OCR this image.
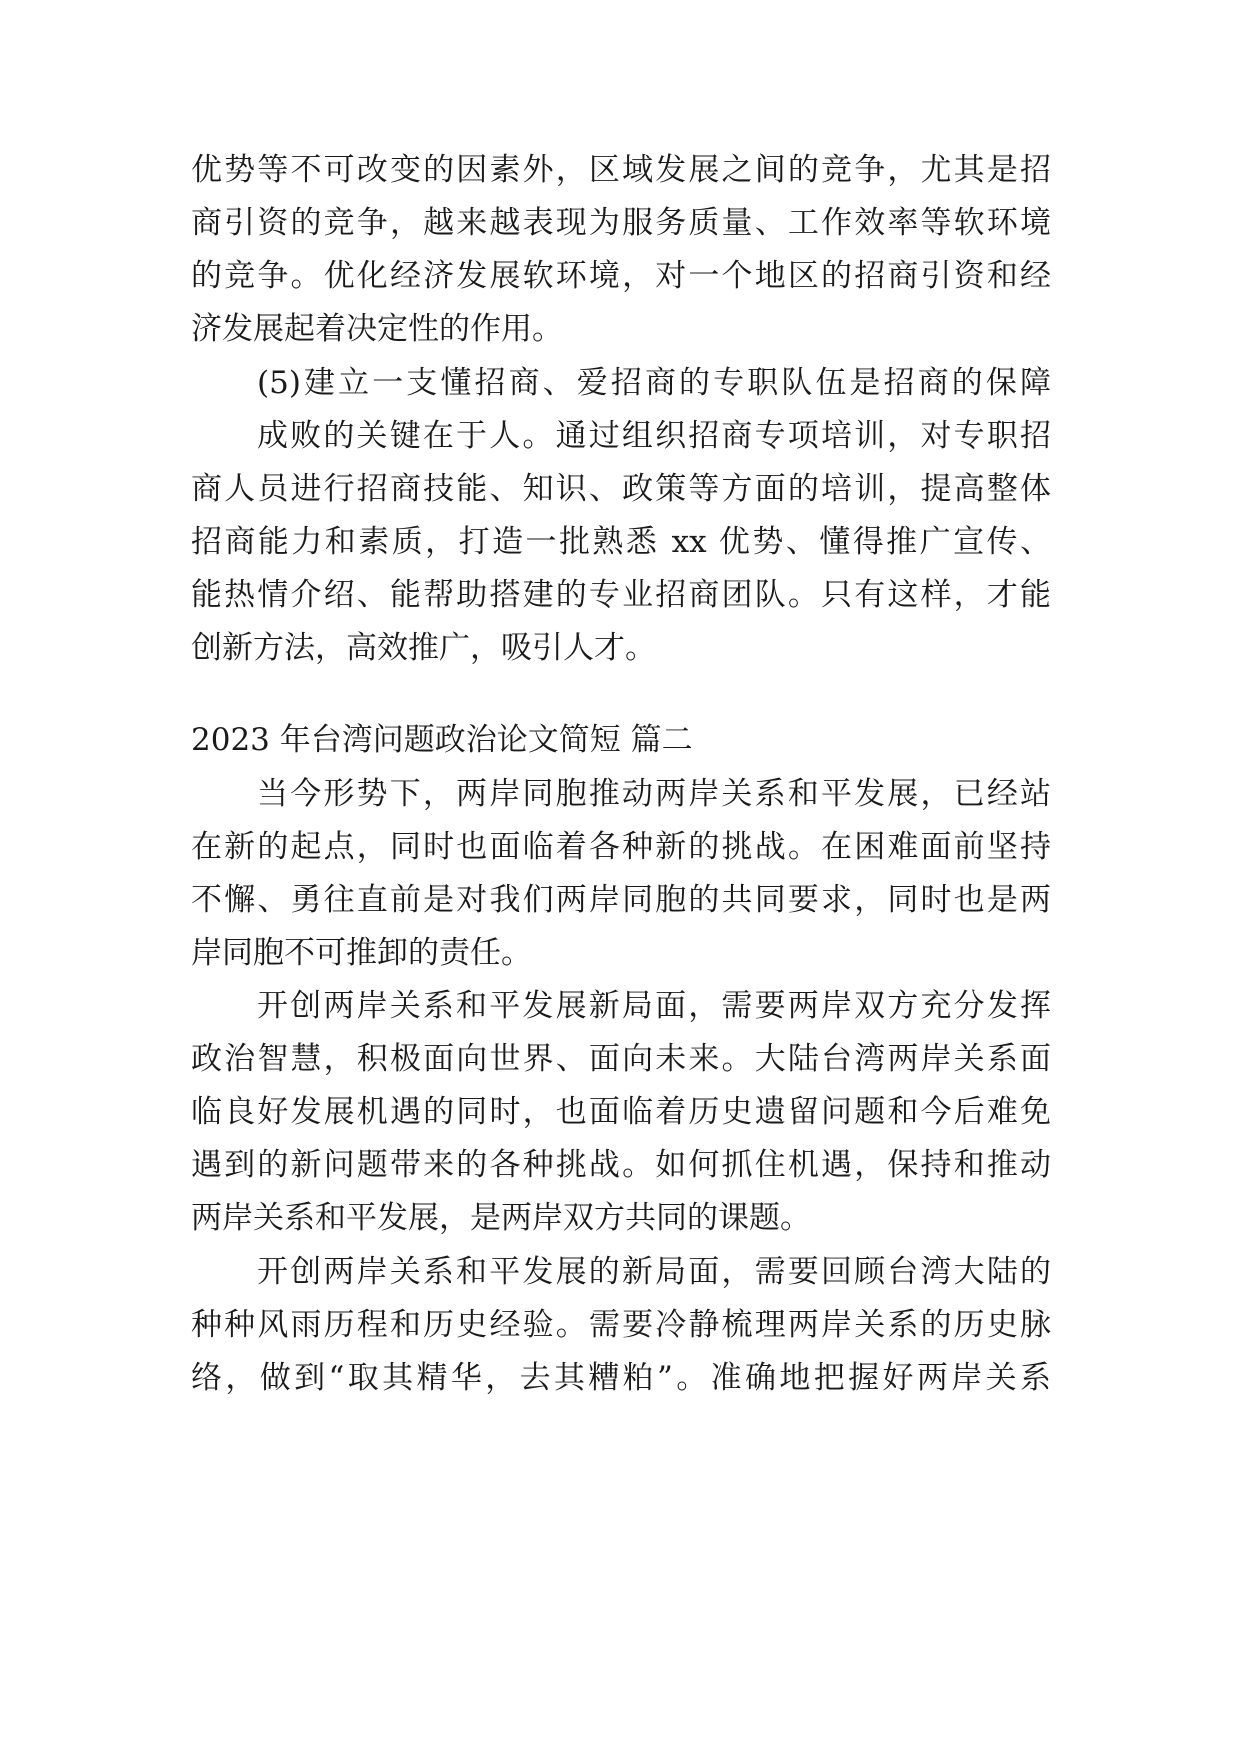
优势等不可改变的因素外，区域发展之间的竞争，尤其是招
商引资的竞争，越来越表现为服务质量、工作效率等软环境
的竞争。优化经济发展软环境，对一个地区的招商引资和经
济发展起着决定性的作用。
(5)建立一支懂招商、爱招商的专职队伍是招商的保障
成败的关键在于人。通过组织招商专项培训，对专职招
商人员进行招商技能、知识、政策等方面的培训，提高整体
招商能力和素质，打造一批熟悉 xx 优势、懂得推广宣传、
能热情介绍、能帮助搭建的专业招商团队。只有这样，才能
创新方法，高效推广，吸引人才。
2023 年台湾问题政治论文简短 篇二
当今形势下，两岸同胞推动两岸关系和平发展，已经站
在新的起点，同时也面临着各种新的挑战。在困难面前坚持
不懈、勇往直前是对我们两岸同胞的共同要求，同时也是两
岸同胞不可推卸的责任。
开创两岸关系和平发展新局面，需要两岸双方充分发挥
政治智慧，积极面向世界、面向未来。大陆台湾两岸关系面
临良好发展机遇的同时，也面临着历史遗留问题和今后难免
遇到的新问题带来的各种挑战。如何抓住机遇，保持和推动
两岸关系和平发展，是两岸双方共同的课题。
开创两岸关系和平发展的新局面，需要回顾台湾大陆的
种种风雨历程和历史经验。需要冷静梳理两岸关系的历史脉
络，做到“取其精华，去其糟粕”。准确地把握好两岸关系
